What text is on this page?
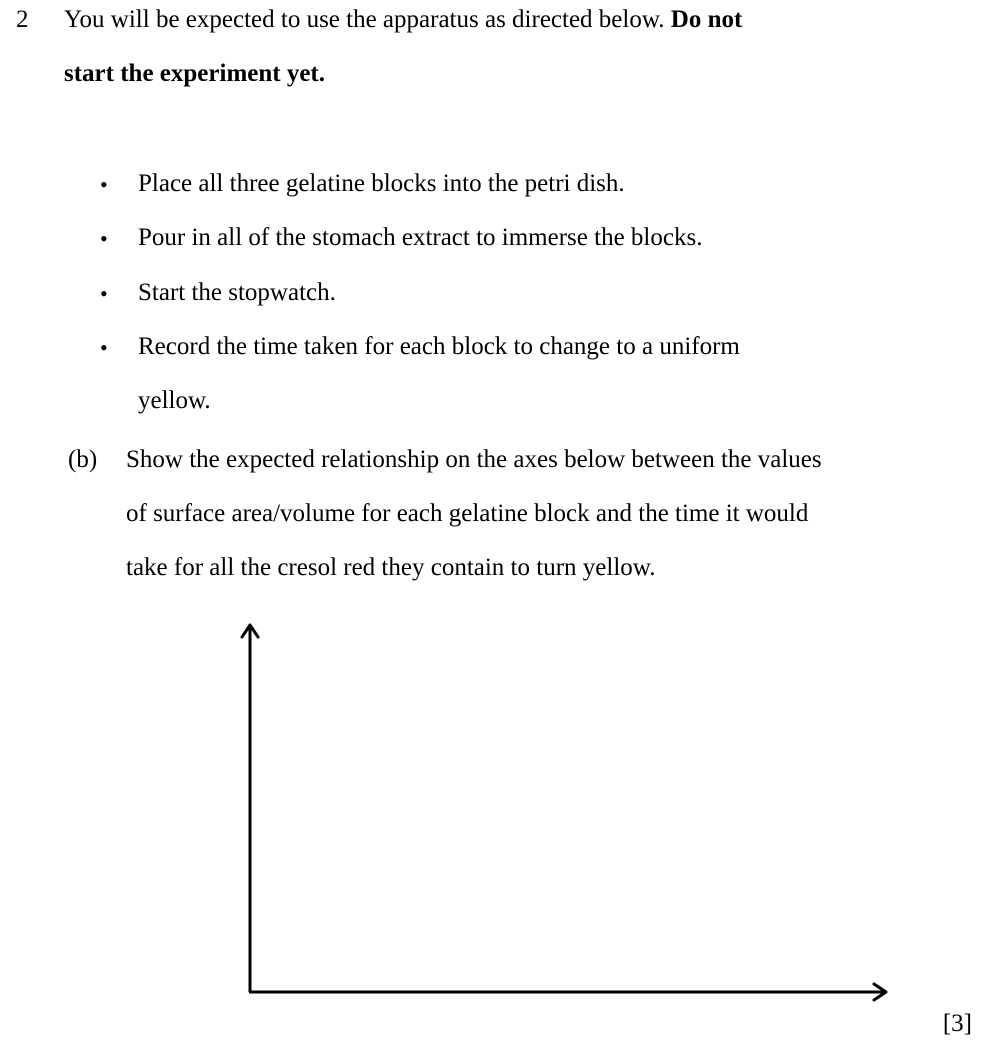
2 You will be expected to use the apparatus as directed below. Do not
start the experiment yet.
• Place all three gelatine blocks into the petri dish.
• Pour in all of the stomach extract to immerse the blocks.
• Start the stopwatch.
• Record the time taken for each block to change to a uniform
yellow.
(b) Show the expected relationship on the axes below between the values
of surface area/volume for each gelatine block and the time it would
take for all the cresol red they contain to turn yellow.
[3]
